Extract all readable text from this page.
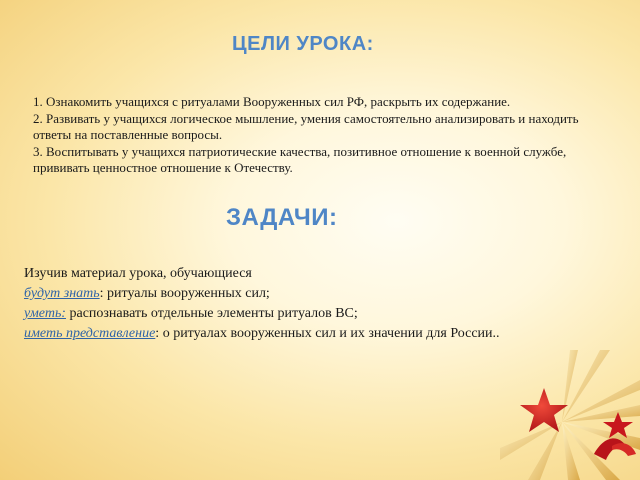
ЦЕЛИ УРОКА:

1. Ознакомить учащихся с ритуалами Вооруженных сил РФ, раскрыть их содержание.

2. Развивать у учащихся логическое мышление, умения самостоятельно анализировать и находить ответы на поставленные вопросы.

3. Воспитывать у учащихся патриотические качества, позитивное отношение к военной службе, прививать ценностное отношение к Отечеству.

ЗАДАЧИ:

Изучив материал урока, обучающиеся

будут знать: ритуалы вооруженных сил;

уметь: распознавать отдельные элементы ритуалов ВС;

иметь представление: о ритуалах вооруженных сил и их значении для России..
